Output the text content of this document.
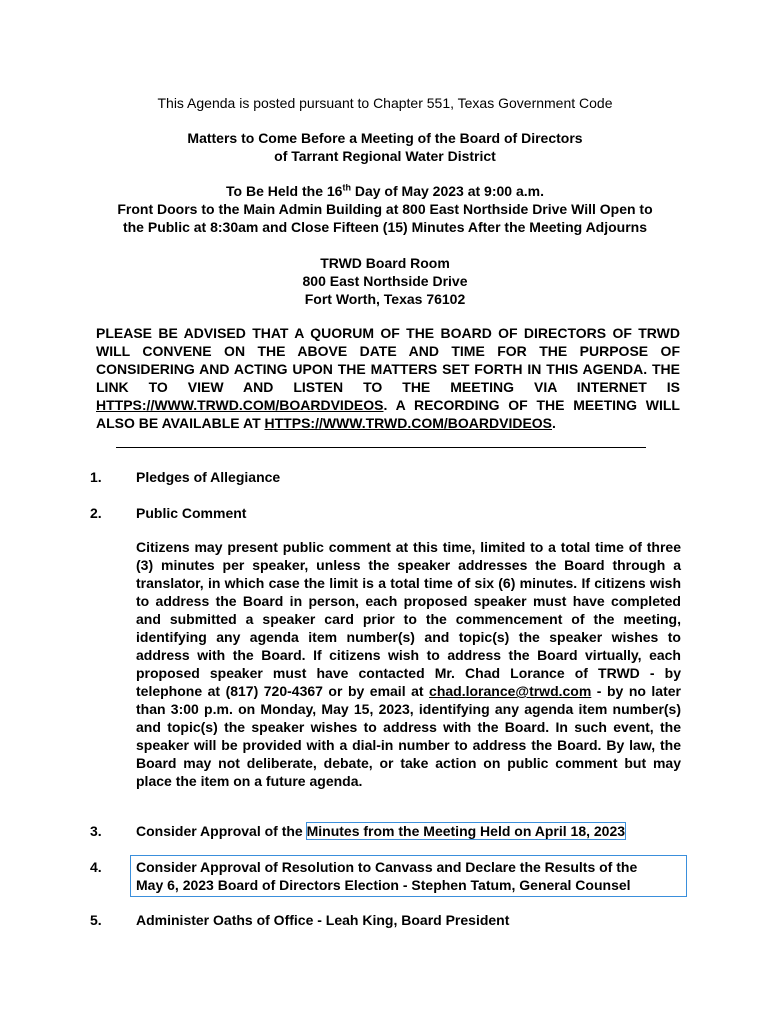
This Agenda is posted pursuant to Chapter 551, Texas Government Code
Matters to Come Before a Meeting of the Board of Directors
of Tarrant Regional Water District
To Be Held the 16th Day of May 2023 at 9:00 a.m.
Front Doors to the Main Admin Building at 800 East Northside Drive Will Open to
the Public at 8:30am and Close Fifteen (15) Minutes After the Meeting Adjourns
TRWD Board Room
800 East Northside Drive
Fort Worth, Texas 76102
PLEASE BE ADVISED THAT A QUORUM OF THE BOARD OF DIRECTORS OF TRWD WILL CONVENE ON THE ABOVE DATE AND TIME FOR THE PURPOSE OF CONSIDERING AND ACTING UPON THE MATTERS SET FORTH IN THIS AGENDA. THE LINK TO VIEW AND LISTEN TO THE MEETING VIA INTERNET IS HTTPS://WWW.TRWD.COM/BOARDVIDEOS. A RECORDING OF THE MEETING WILL ALSO BE AVAILABLE AT HTTPS://WWW.TRWD.COM/BOARDVIDEOS.
1. Pledges of Allegiance
2. Public Comment
Citizens may present public comment at this time, limited to a total time of three (3) minutes per speaker, unless the speaker addresses the Board through a translator, in which case the limit is a total time of six (6) minutes. If citizens wish to address the Board in person, each proposed speaker must have completed and submitted a speaker card prior to the commencement of the meeting, identifying any agenda item number(s) and topic(s) the speaker wishes to address with the Board. If citizens wish to address the Board virtually, each proposed speaker must have contacted Mr. Chad Lorance of TRWD - by telephone at (817) 720-4367 or by email at chad.lorance@trwd.com - by no later than 3:00 p.m. on Monday, May 15, 2023, identifying any agenda item number(s) and topic(s) the speaker wishes to address with the Board. In such event, the speaker will be provided with a dial-in number to address the Board. By law, the Board may not deliberate, debate, or take action on public comment but may place the item on a future agenda.
3. Consider Approval of the Minutes from the Meeting Held on April 18, 2023
4. Consider Approval of Resolution to Canvass and Declare the Results of the
May 6, 2023 Board of Directors Election - Stephen Tatum, General Counsel
5. Administer Oaths of Office - Leah King, Board President
